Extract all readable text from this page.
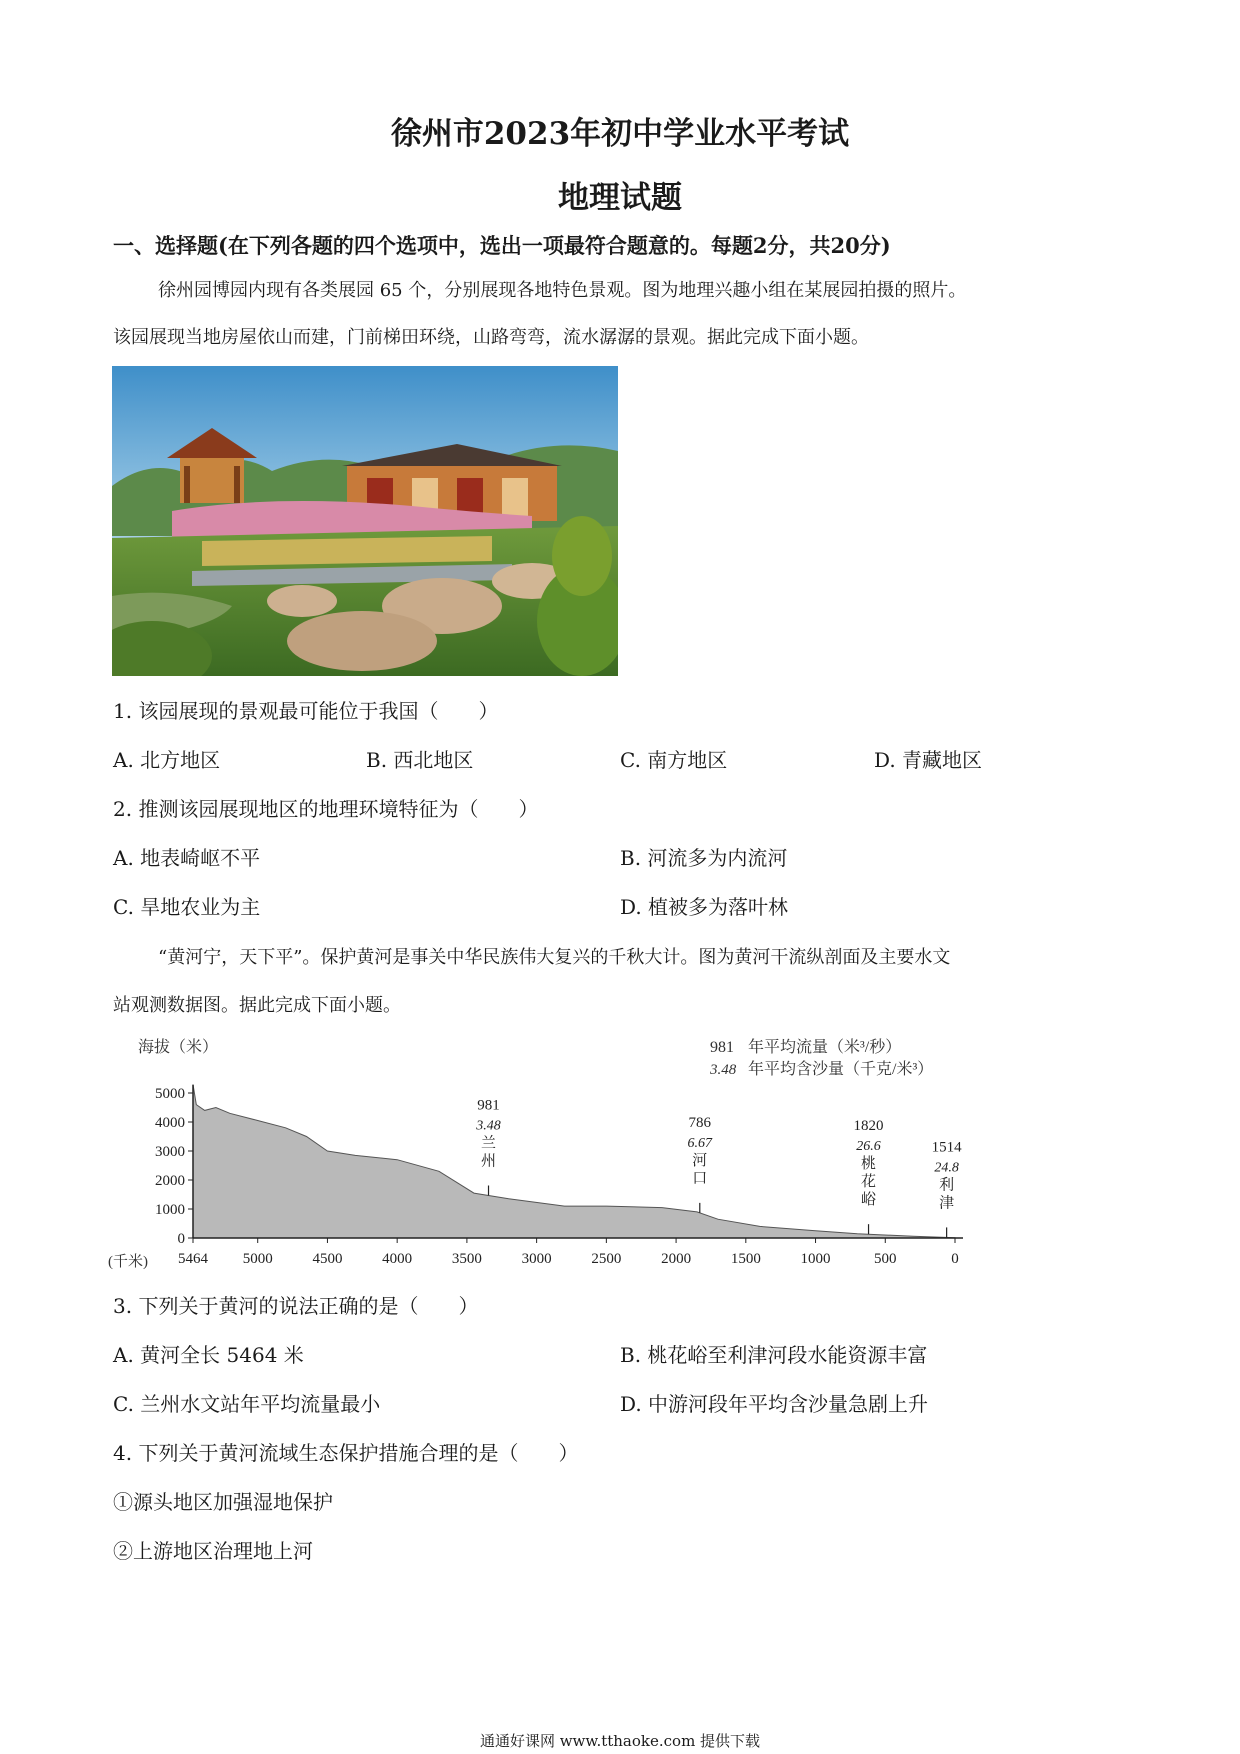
徐州市2023年初中学业水平考试
地理试题
一、选择题(在下列各题的四个选项中，选出一项最符合题意的。每题2分，共20分)
徐州园博园内现有各类展园 65 个，分别展现各地特色景观。图为地理兴趣小组在某展园拍摄的照片。
该园展现当地房屋依山而建，门前梯田环绕，山路弯弯，流水潺潺的景观。据此完成下面小题。
1. 该园展现的景观最可能位于我国（　　）
A. 北方地区	B. 西北地区	C. 南方地区	D. 青藏地区
2. 推测该园展现地区的地理环境特征为（　　）
A. 地表崎岖不平	B. 河流多为内流河
C. 旱地农业为主	D. 植被多为落叶林
“黄河宁，天下平”。保护黄河是事关中华民族伟大复兴的千秋大计。图为黄河干流纵剖面及主要水文
站观测数据图。据此完成下面小题。
海拔（米）	981 年平均流量（米³/秒）
3.48 年平均含沙量（千克/米³）
(千米)
5000
4000
3000
2000
1000
0
5464 5000	4500	4000	3500	3000	2500	2000	1500	1000	500	0
981
3.48
兰
州
786
6.67
河
口
1820
26.6
桃
花
峪
1514
24.8
利
津
3. 下列关于黄河的说法正确的是（　　）
A. 黄河全长 5464 米	B. 桃花峪至利津河段水能资源丰富
C. 兰州水文站年平均流量最小	D. 中游河段年平均含沙量急剧上升
4. 下列关于黄河流域生态保护措施合理的是（　　）
①源头地区加强湿地保护
②上游地区治理地上河
通通好课网 www.tthaoke.com 提供下载
